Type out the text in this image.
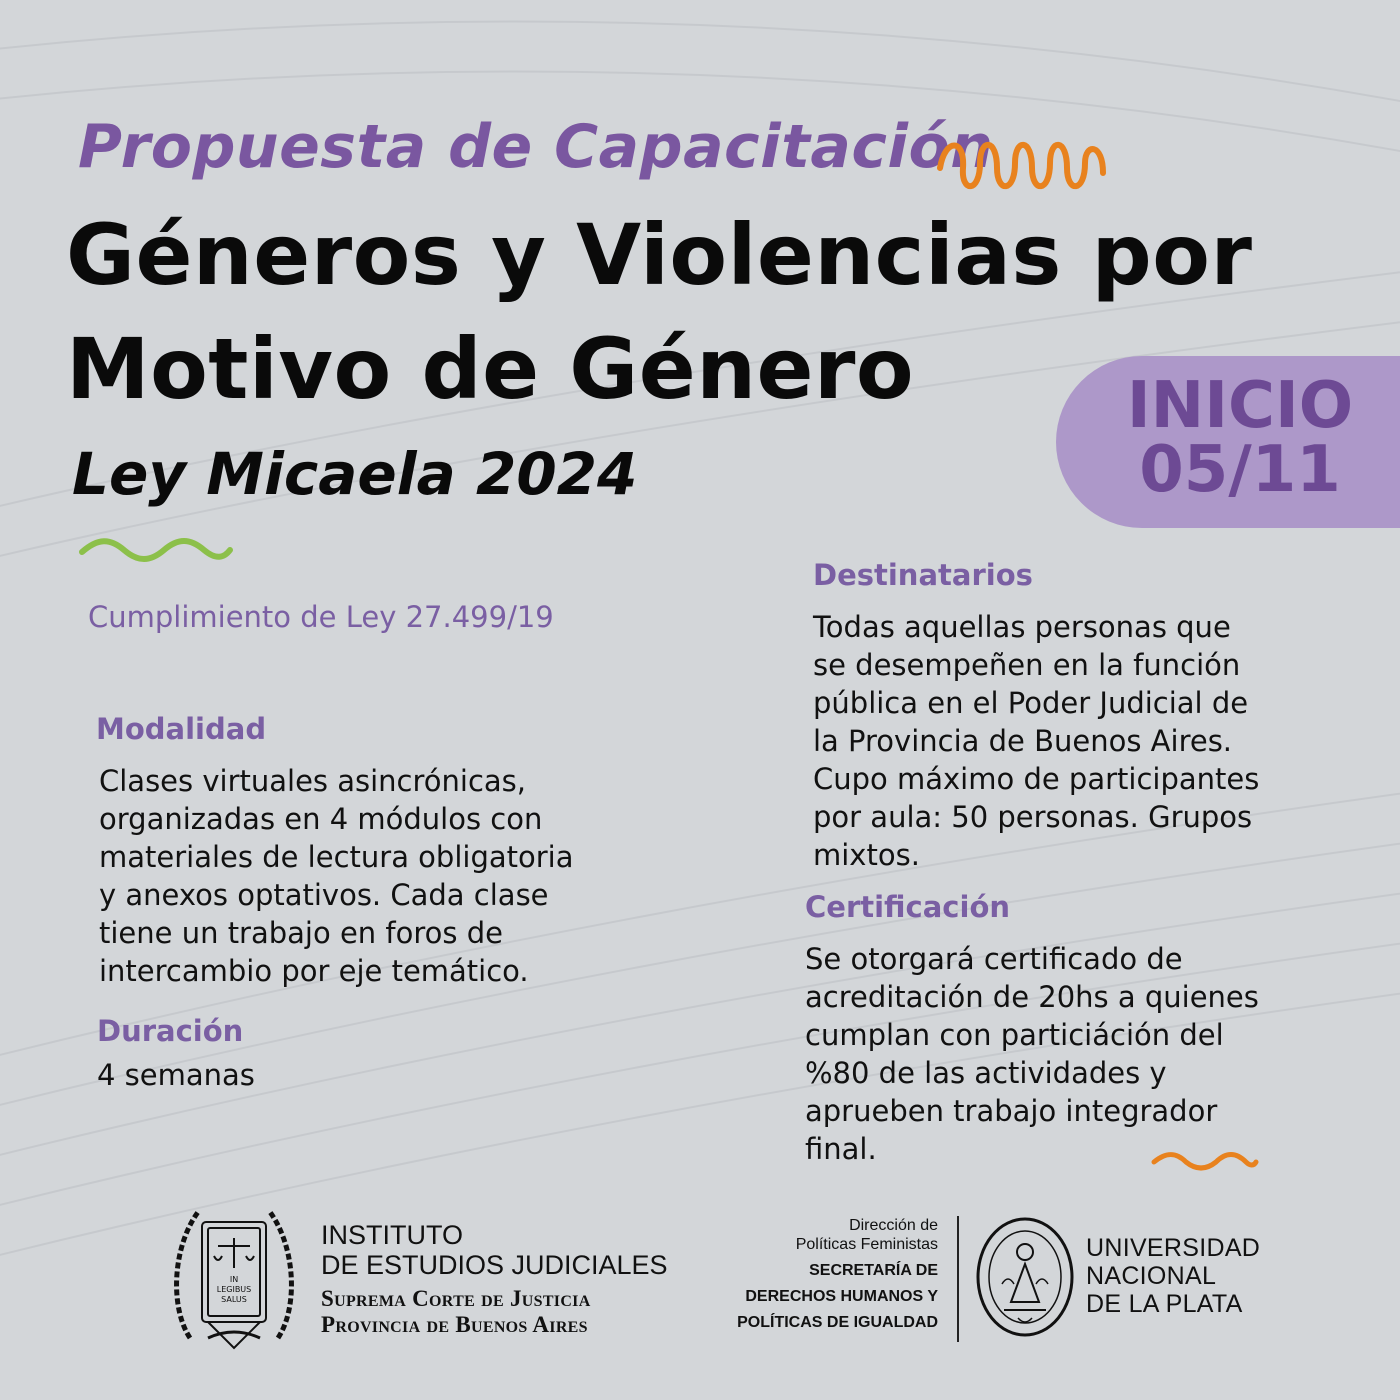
Propuesta de Capacitación
Géneros y Violencias por
Motivo de Género
Ley Micaela 2024
INICIO
05/11
Cumplimiento de Ley 27.499/19
Modalidad
Clases virtuales asincrónicas,
organizadas en 4 módulos con
materiales de lectura obligatoria
y anexos optativos. Cada clase
tiene un trabajo en foros de
intercambio por eje temático.
Duración
4 semanas
Destinatarios
Todas aquellas personas que
se desempeñen en la función
pública en el Poder Judicial de
la Provincia de Buenos Aires.
Cupo máximo de participantes
por aula: 50 personas. Grupos
mixtos.
Certificación
Se otorgará certificado de
acreditación de 20hs a quienes
cumplan con particiáción del
%80 de las actividades y
aprueben trabajo integrador
final.
IN
LEGIBUS
SALUS
INSTITUTO
DE ESTUDIOS JUDICIALES
Suprema Corte de Justicia
Provincia de Buenos Aires
Dirección de
Políticas Feministas
SECRETARÍA DE
DERECHOS HUMANOS Y
POLÍTICAS DE IGUALDAD
UNIVERSIDAD
NACIONAL
DE LA PLATA
